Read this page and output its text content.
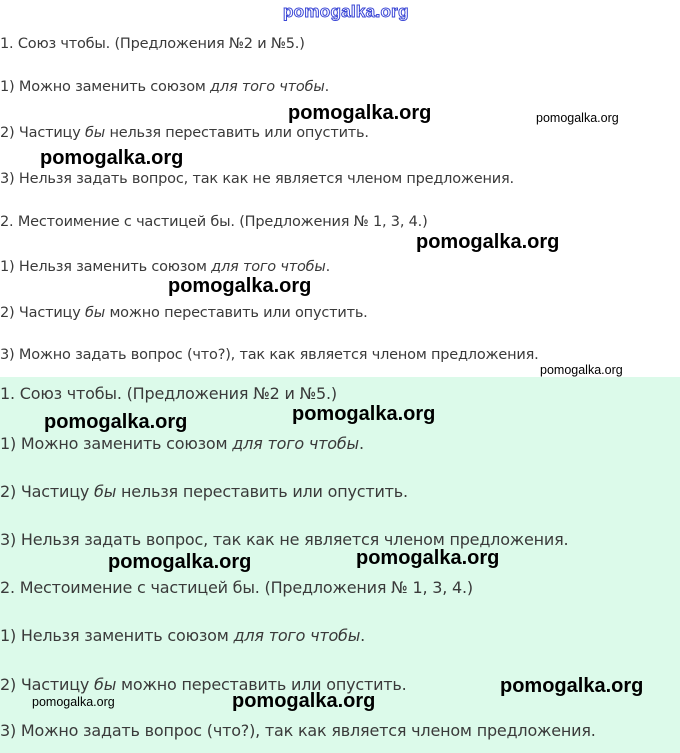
1. Союз чтобы. (Предложения №2 и №5.)
1) Можно заменить союзом для того чтобы.
2) Частицу бы нельзя переставить или опустить.
3) Нельзя задать вопрос, так как не является членом предложения.
2. Местоимение с частицей бы. (Предложения № 1, 3, 4.)
1) Нельзя заменить союзом для того чтобы.
2) Частицу бы можно переставить или опустить.
3) Можно задать вопрос (что?), так как является членом предложения.
1. Союз чтобы. (Предложения №2 и №5.)
1) Можно заменить союзом для того чтобы.
2) Частицу бы нельзя переставить или опустить.
3) Нельзя задать вопрос, так как не является членом предложения.
2. Местоимение с частицей бы. (Предложения № 1, 3, 4.)
1) Нельзя заменить союзом для того чтобы.
2) Частицу бы можно переставить или опустить.
3) Можно задать вопрос (что?), так как является членом предложения.
pomogalka.org
pomogalka.org	pomogalka.org
pomogalka.org
pomogalka.org
pomogalka.org
pomogalka.org
pomogalka.org	pomogalka.org
pomogalka.org	pomogalka.org
pomogalka.org
pomogalka.org	pomogalka.org
